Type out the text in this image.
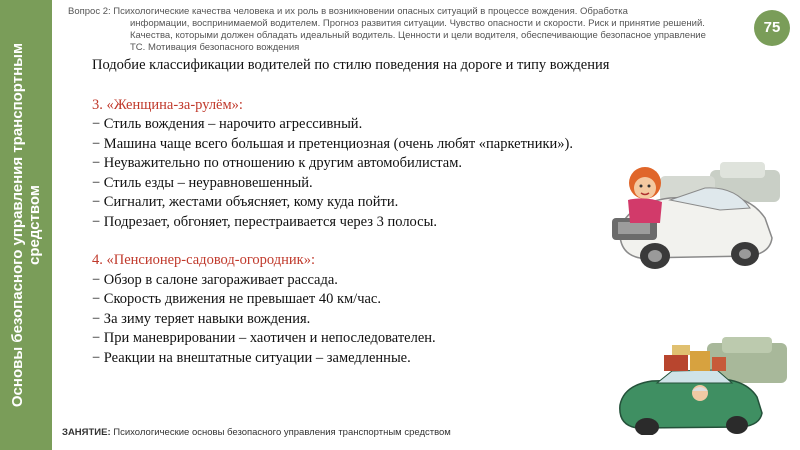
Основы безопасного управления транспортным средством
Вопрос 2: Психологические качества человека и их роль в возникновении опасных ситуаций в процессе вождения. Обработка
информации, воспринимаемой водителем. Прогноз развития ситуации. Чувство опасности и скорости. Риск и принятие решений.
Качества, которыми должен обладать идеальный водитель. Ценности и цели водителя, обеспечивающие безопасное управление
ТС. Мотивация безопасного вождения
75
Подобие классификации водителей по стилю поведения на дороге и типу вождения
3. «Женщина-за-рулём»:
− Стиль вождения – нарочито агрессивный.
− Машина чаще всего большая и претенциозная (очень любят «паркетники»).
− Неуважительно по отношению к другим автомобилистам.
− Стиль езды – неуравновешенный.
− Сигналит, жестами объясняет, кому куда пойти.
− Подрезает, обгоняет, перестраивается через 3 полосы.
4. «Пенсионер-садовод-огородник»:
− Обзор в салоне загораживает рассада.
− Скорость движения не превышает 40 км/час.
− За зиму теряет навыки вождения.
− При маневрировании – хаотичен и непоследователен.
− Реакции на внештатные ситуации – замедленные.
ЗАНЯТИЕ: Психологические основы безопасного управления транспортным средством
